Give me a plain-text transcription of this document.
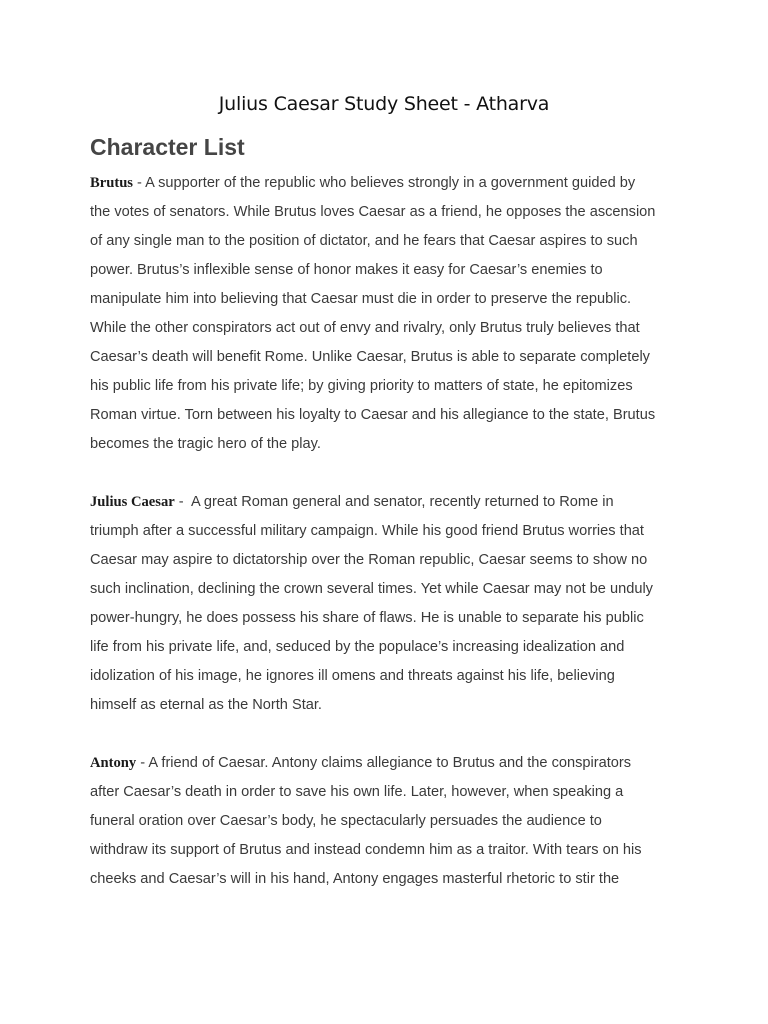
Julius Caesar Study Sheet - Atharva
Character List
Brutus - A supporter of the republic who believes strongly in a government guided by
the votes of senators. While Brutus loves Caesar as a friend, he opposes the ascension
of any single man to the position of dictator, and he fears that Caesar aspires to such
power. Brutus’s inflexible sense of honor makes it easy for Caesar’s enemies to
manipulate him into believing that Caesar must die in order to preserve the republic.
While the other conspirators act out of envy and rivalry, only Brutus truly believes that
Caesar’s death will benefit Rome. Unlike Caesar, Brutus is able to separate completely
his public life from his private life; by giving priority to matters of state, he epitomizes
Roman virtue. Torn between his loyalty to Caesar and his allegiance to the state, Brutus
becomes the tragic hero of the play.
Julius Caesar -  A great Roman general and senator, recently returned to Rome in
triumph after a successful military campaign. While his good friend Brutus worries that
Caesar may aspire to dictatorship over the Roman republic, Caesar seems to show no
such inclination, declining the crown several times. Yet while Caesar may not be unduly
power-hungry, he does possess his share of flaws. He is unable to separate his public
life from his private life, and, seduced by the populace’s increasing idealization and
idolization of his image, he ignores ill omens and threats against his life, believing
himself as eternal as the North Star.
Antony - A friend of Caesar. Antony claims allegiance to Brutus and the conspirators
after Caesar’s death in order to save his own life. Later, however, when speaking a
funeral oration over Caesar’s body, he spectacularly persuades the audience to
withdraw its support of Brutus and instead condemn him as a traitor. With tears on his
cheeks and Caesar’s will in his hand, Antony engages masterful rhetoric to stir the
